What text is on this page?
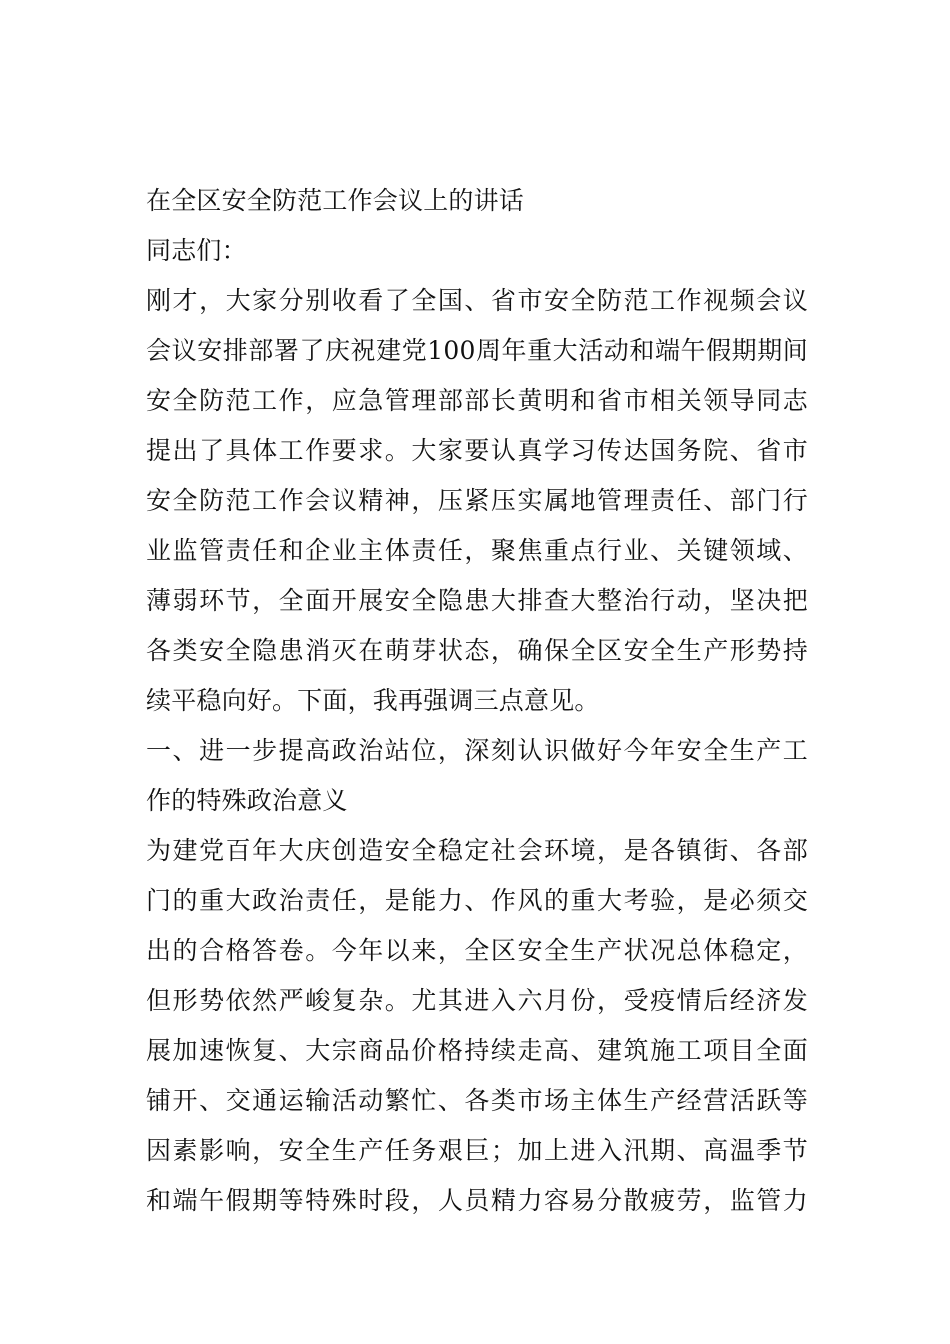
在全区安全防范工作会议上的讲话
同志们：
刚才，大家分别收看了全国、省市安全防范工作视频会议
会议安排部署了庆祝建党100周年重大活动和端午假期期间
安全防范工作，应急管理部部长黄明和省市相关领导同志
提出了具体工作要求。大家要认真学习传达国务院、省市
安全防范工作会议精神，压紧压实属地管理责任、部门行
业监管责任和企业主体责任，聚焦重点行业、关键领域、
薄弱环节，全面开展安全隐患大排查大整治行动，坚决把
各类安全隐患消灭在萌芽状态，确保全区安全生产形势持
续平稳向好。下面，我再强调三点意见。
一、进一步提高政治站位，深刻认识做好今年安全生产工
作的特殊政治意义
为建党百年大庆创造安全稳定社会环境，是各镇街、各部
门的重大政治责任，是能力、作风的重大考验，是必须交
出的合格答卷。今年以来，全区安全生产状况总体稳定，
但形势依然严峻复杂。尤其进入六月份，受疫情后经济发
展加速恢复、大宗商品价格持续走高、建筑施工项目全面
铺开、交通运输活动繁忙、各类市场主体生产经营活跃等
因素影响，安全生产任务艰巨；加上进入汛期、高温季节
和端午假期等特殊时段，人员精力容易分散疲劳，监管力
